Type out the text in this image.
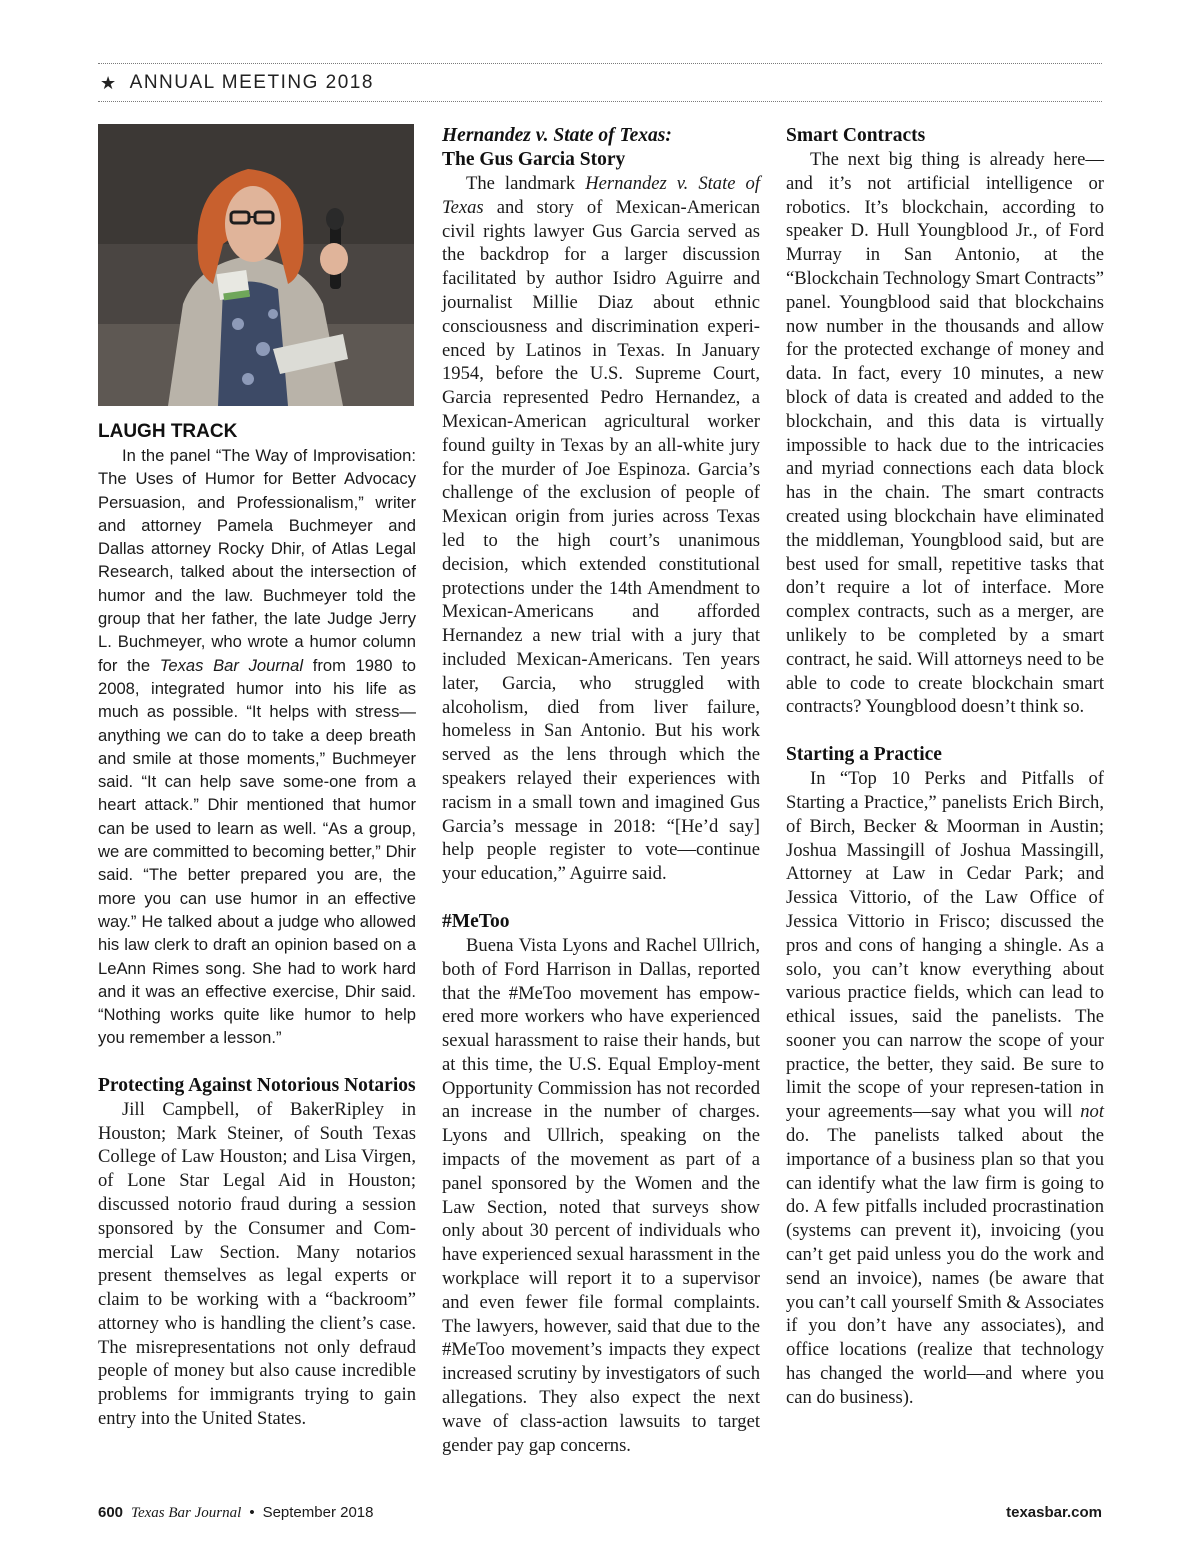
★ ANNUAL MEETING 2018
LAUGH TRACK

In the panel “The Way of Improvisation: The Uses of Humor for Better Advocacy Persuasion, and Professionalism,” writer and attorney Pamela Buchmeyer and Dallas attorney Rocky Dhir, of Atlas Legal Research, talked about the intersection of humor and the law. Buchmeyer told the group that her father, the late Judge Jerry L. Buchmeyer, who wrote a humor column for the Texas Bar Journal from 1980 to 2008, integrated humor into his life as much as possible. “It helps with stress—anything we can do to take a deep breath and smile at those moments,” Buchmeyer said. “It can help save some-one from a heart attack.” Dhir mentioned that humor can be used to learn as well. “As a group, we are committed to becoming better,” Dhir said. “The better prepared you are, the more you can use humor in an effective way.” He talked about a judge who allowed his law clerk to draft an opinion based on a LeAnn Rimes song. She had to work hard and it was an effective exercise, Dhir said. “Nothing works quite like humor to help you remember a lesson.”

Protecting Against Notorious Notarios

Jill Campbell, of BakerRipley in Houston; Mark Steiner, of South Texas College of Law Houston; and Lisa Virgen, of Lone Star Legal Aid in Houston; discussed notorio fraud during a session sponsored by the Consumer and Com-mercial Law Section. Many notarios present themselves as legal experts or claim to be working with a “backroom” attorney who is handling the client’s case. The misrepresentations not only defraud people of money but also cause incredible problems for immigrants trying to gain entry into the United States.

Hernandez v. State of Texas:
The Gus Garcia Story

The landmark Hernandez v. State of Texas and story of Mexican-American civil rights lawyer Gus Garcia served as the backdrop for a larger discussion facilitated by author Isidro Aguirre and journalist Millie Diaz about ethnic consciousness and discrimination experi-enced by Latinos in Texas. In January 1954, before the U.S. Supreme Court, Garcia represented Pedro Hernandez, a Mexican-American agricultural worker found guilty in Texas by an all-white jury for the murder of Joe Espinoza. Garcia’s challenge of the exclusion of people of Mexican origin from juries across Texas led to the high court’s unanimous decision, which extended constitutional protections under the 14th Amendment to Mexican-Americans and afforded Hernandez a new trial with a jury that included Mexican-Americans. Ten years later, Garcia, who struggled with alcoholism, died from liver failure, homeless in San Antonio. But his work served as the lens through which the speakers relayed their experiences with racism in a small town and imagined Gus Garcia’s message in 2018: “[He’d say] help people register to vote—continue your education,” Aguirre said.

#MeToo

Buena Vista Lyons and Rachel Ullrich, both of Ford Harrison in Dallas, reported that the #MeToo movement has empow-ered more workers who have experienced sexual harassment to raise their hands, but at this time, the U.S. Equal Employ-ment Opportunity Commission has not recorded an increase in the number of charges. Lyons and Ullrich, speaking on the impacts of the movement as part of a panel sponsored by the Women and the Law Section, noted that surveys show only about 30 percent of individuals who have experienced sexual harassment in the workplace will report it to a supervisor and even fewer file formal complaints. The lawyers, however, said that due to the #MeToo movement’s impacts they expect increased scrutiny by investigators of such allegations. They also expect the next wave of class-action lawsuits to target gender pay gap concerns.

Smart Contracts

The next big thing is already here—and it’s not artificial intelligence or robotics. It’s blockchain, according to speaker D. Hull Youngblood Jr., of Ford Murray in San Antonio, at the “Blockchain Technology Smart Contracts” panel. Youngblood said that blockchains now number in the thousands and allow for the protected exchange of money and data. In fact, every 10 minutes, a new block of data is created and added to the blockchain, and this data is virtually impossible to hack due to the intricacies and myriad connections each data block has in the chain. The smart contracts created using blockchain have eliminated the middleman, Youngblood said, but are best used for small, repetitive tasks that don’t require a lot of interface. More complex contracts, such as a merger, are unlikely to be completed by a smart contract, he said. Will attorneys need to be able to code to create blockchain smart contracts? Youngblood doesn’t think so.

Starting a Practice

In “Top 10 Perks and Pitfalls of Starting a Practice,” panelists Erich Birch, of Birch, Becker & Moorman in Austin; Joshua Massingill of Joshua Massingill, Attorney at Law in Cedar Park; and Jessica Vittorio, of the Law Office of Jessica Vittorio in Frisco; discussed the pros and cons of hanging a shingle. As a solo, you can’t know everything about various practice fields, which can lead to ethical issues, said the panelists. The sooner you can narrow the scope of your practice, the better, they said. Be sure to limit the scope of your represen-tation in your agreements—say what you will not do. The panelists talked about the importance of a business plan so that you can identify what the law firm is going to do. A few pitfalls included procrastination (systems can prevent it), invoicing (you can’t get paid unless you do the work and send an invoice), names (be aware that you can’t call yourself Smith & Associates if you don’t have any associates), and office locations (realize that technology has changed the world—and where you can do business).

600 Texas Bar Journal • September 2018	texasbar.com
